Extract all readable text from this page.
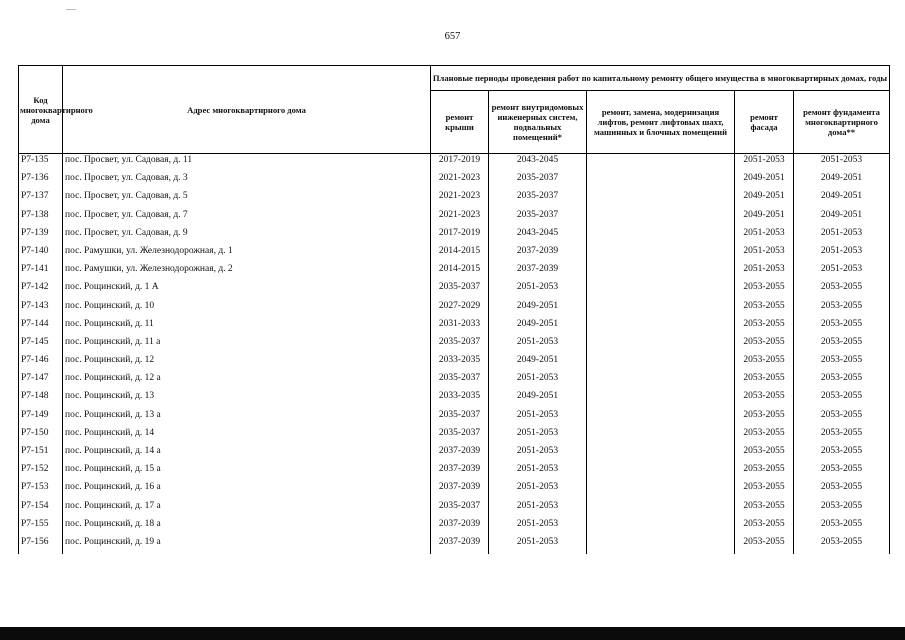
657
Код многоквартирного дома	Адрес многоквартирного дома	Плановые периоды проведения работ по капитальному ремонту общего имущества в многоквартирных домах, годы				
		ремонт крыши	ремонт внутридомовых инженерных систем, подвальных помещений*	ремонт, замена, модернизация лифтов, ремонт лифтовых шахт, машинных и блочных помещений	ремонт фасада	ремонт фундамента многоквартирного дома**
Р7-135	пос. Просвет, ул. Садовая, д. 11	2017-2019	2043-2045		2051-2053	2051-2053
Р7-136	пос. Просвет, ул. Садовая, д. 3	2021-2023	2035-2037		2049-2051	2049-2051
Р7-137	пос. Просвет, ул. Садовая, д. 5	2021-2023	2035-2037		2049-2051	2049-2051
Р7-138	пос. Просвет, ул. Садовая, д. 7	2021-2023	2035-2037		2049-2051	2049-2051
Р7-139	пос. Просвет, ул. Садовая, д. 9	2017-2019	2043-2045		2051-2053	2051-2053
Р7-140	пос. Рамушки, ул. Железнодорожная, д. 1	2014-2015	2037-2039		2051-2053	2051-2053
Р7-141	пос. Рамушки, ул. Железнодорожная, д. 2	2014-2015	2037-2039		2051-2053	2051-2053
Р7-142	пос. Рощинский, д. 1 А	2035-2037	2051-2053		2053-2055	2053-2055
Р7-143	пос. Рощинский, д. 10	2027-2029	2049-2051		2053-2055	2053-2055
Р7-144	пос. Рощинский, д. 11	2031-2033	2049-2051		2053-2055	2053-2055
Р7-145	пос. Рощинский, д. 11 а	2035-2037	2051-2053		2053-2055	2053-2055
Р7-146	пос. Рощинский, д. 12	2033-2035	2049-2051		2053-2055	2053-2055
Р7-147	пос. Рощинский, д. 12 а	2035-2037	2051-2053		2053-2055	2053-2055
Р7-148	пос. Рощинский, д. 13	2033-2035	2049-2051		2053-2055	2053-2055
Р7-149	пос. Рощинский, д. 13 а	2035-2037	2051-2053		2053-2055	2053-2055
Р7-150	пос. Рощинский, д. 14	2035-2037	2051-2053		2053-2055	2053-2055
Р7-151	пос. Рощинский, д. 14 а	2037-2039	2051-2053		2053-2055	2053-2055
Р7-152	пос. Рощинский, д. 15 а	2037-2039	2051-2053		2053-2055	2053-2055
Р7-153	пос. Рощинский, д. 16 а	2037-2039	2051-2053		2053-2055	2053-2055
Р7-154	пос. Рощинский, д. 17 а	2035-2037	2051-2053		2053-2055	2053-2055
Р7-155	пос. Рощинский, д. 18 а	2037-2039	2051-2053		2053-2055	2053-2055
Р7-156	пос. Рощинский, д. 19 а	2037-2039	2051-2053		2053-2055	2053-2055
